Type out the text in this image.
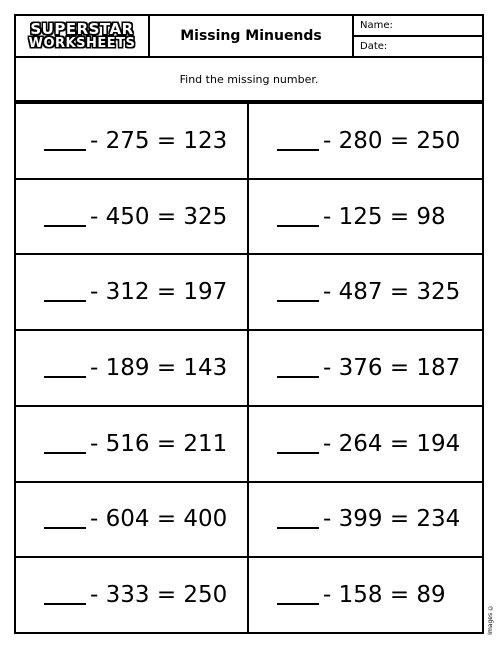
SUPERSTAR
WORKSHEETS	Missing Minuends
Name:
Date:
Find the missing number.
- 275 = 123	- 280 = 250
- 450 = 325	- 125 = 98
- 312 = 197	- 487 = 325
- 189 = 143	- 376 = 187
- 516 = 211	- 264 = 194
- 604 = 400	- 399 = 234
- 333 = 250	- 158 = 89
Images ©
